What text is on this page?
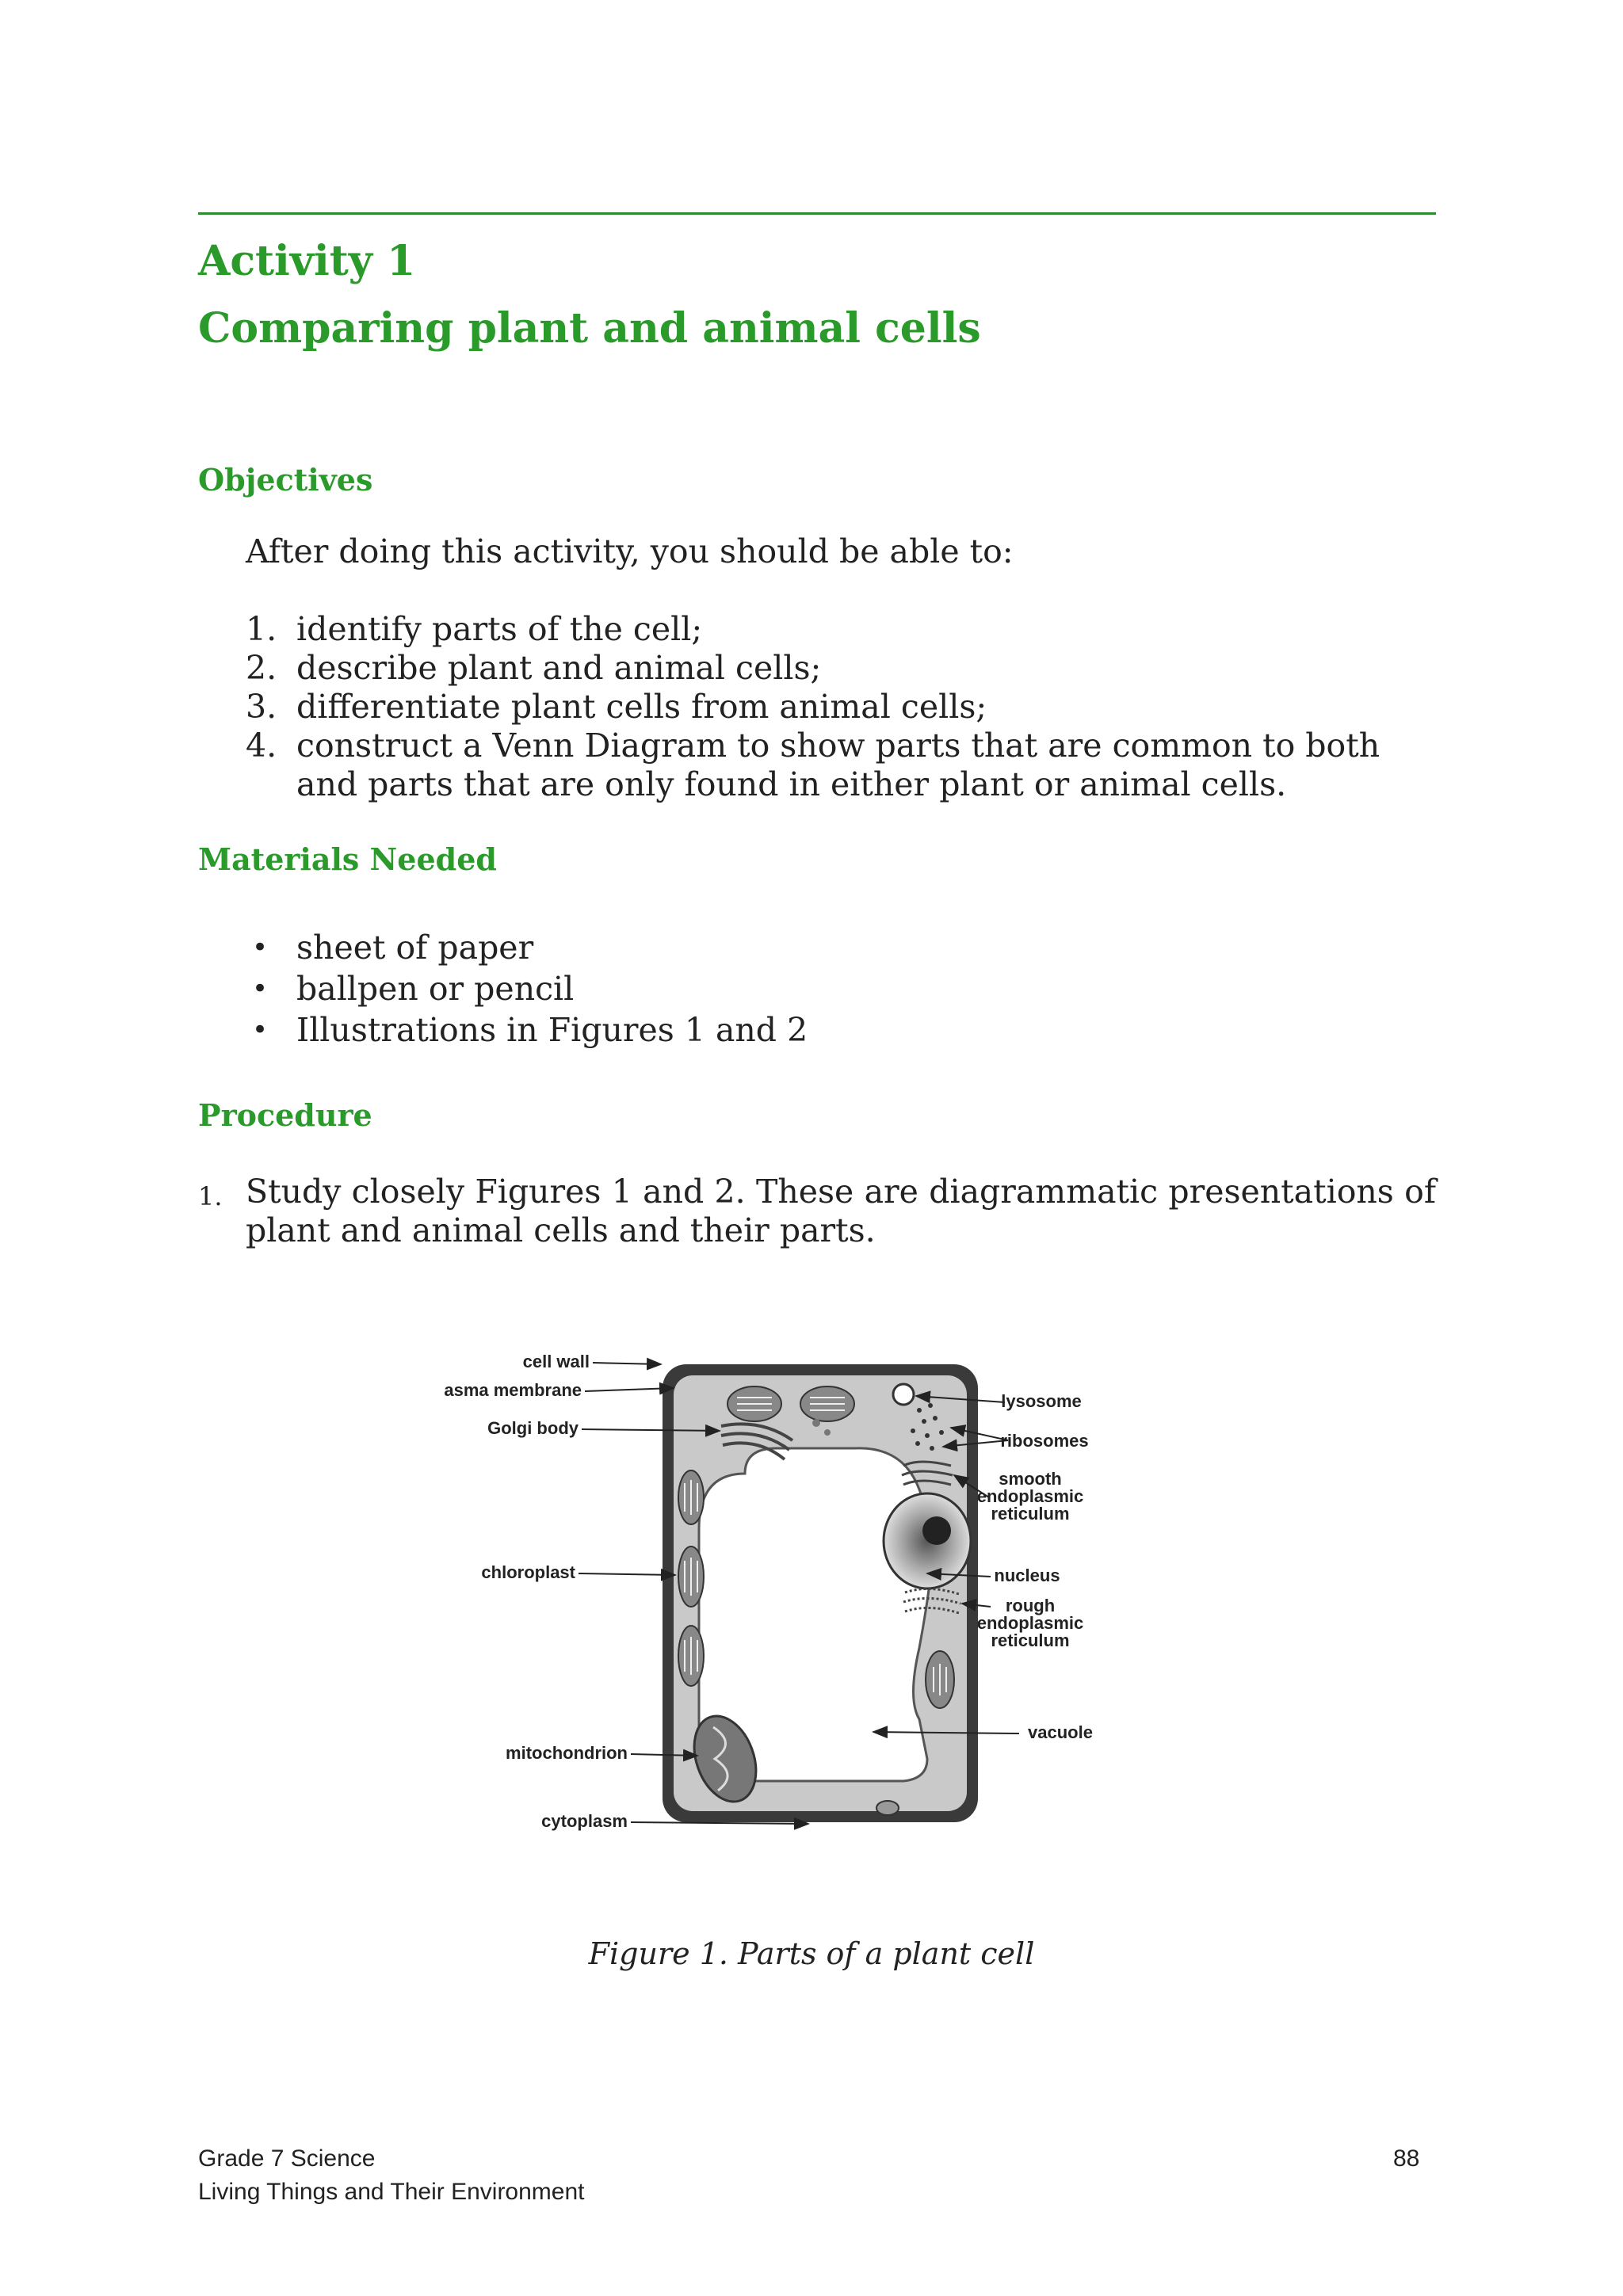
Activity 1
Comparing plant and animal cells
Objectives
After doing this activity, you should be able to:
1. identify parts of the cell;
2. describe plant and animal cells;
3. differentiate plant cells from animal cells;
4. construct a Venn Diagram to show parts that are common to both and parts that are only found in either plant or animal cells.
Materials Needed
• sheet of paper
• ballpen or pencil
• Illustrations in Figures 1 and 2
Procedure
1. Study closely Figures 1 and 2. These are diagrammatic presentations of plant and animal cells and their parts.
cell wall
plasma membrane
Golgi body
chloroplast
mitochondrion
cytoplasm
lysosome
ribosomes
smooth
endoplasmic
reticulum
nucleus
rough
endoplasmic
reticulum
vacuole
Figure 1. Parts of a plant cell
Grade 7 Science
Living Things and Their Environment
88
